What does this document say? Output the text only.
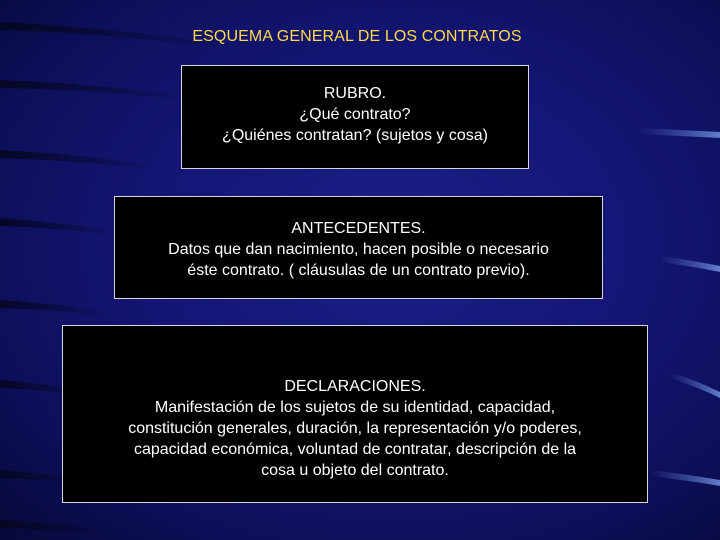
ESQUEMA GENERAL DE LOS CONTRATOS
RUBRO.
¿Qué contrato?
¿Quiénes contratan? (sujetos y cosa)
ANTECEDENTES.
Datos que dan nacimiento, hacen posible o necesario
éste contrato. ( cláusulas de un contrato previo).
DECLARACIONES.
Manifestación de los sujetos de su identidad, capacidad,
constitución generales, duración, la representación y/o poderes,
capacidad económica, voluntad de contratar, descripción de la
cosa u objeto del contrato.
